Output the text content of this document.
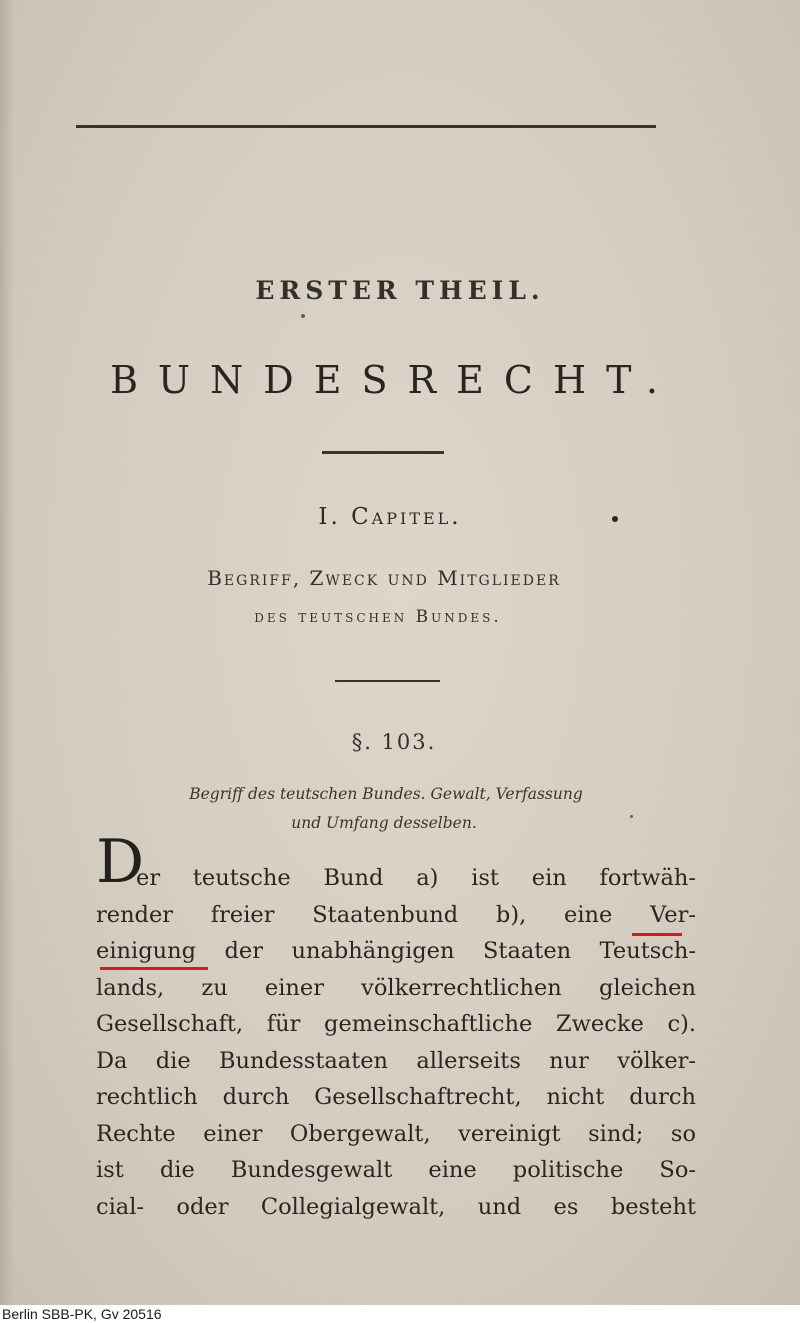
ERSTER THEIL.
BUNDESRECHT.
I. Capitel.
Begriff, Zweck und Mitglieder
des teutschen Bundes.
§. 103.
Begriff des teutschen Bundes. Gewalt, Verfassung
und Umfang desselben.
D
er teutsche Bund a) ist ein fortwäh-
render freier Staatenbund b), eine Ver-
einigung der unabhängigen Staaten Teutsch-
lands, zu einer völkerrechtlichen gleichen
Gesellschaft, für gemeinschaftliche Zwecke c).
Da die Bundesstaaten allerseits nur völker-
rechtlich durch Gesellschaftrecht, nicht durch
Rechte einer Obergewalt, vereinigt sind; so
ist die Bundesgewalt eine politische So-
cial- oder Collegialgewalt, und es besteht
Berlin SBB-PK, Gv 20516
